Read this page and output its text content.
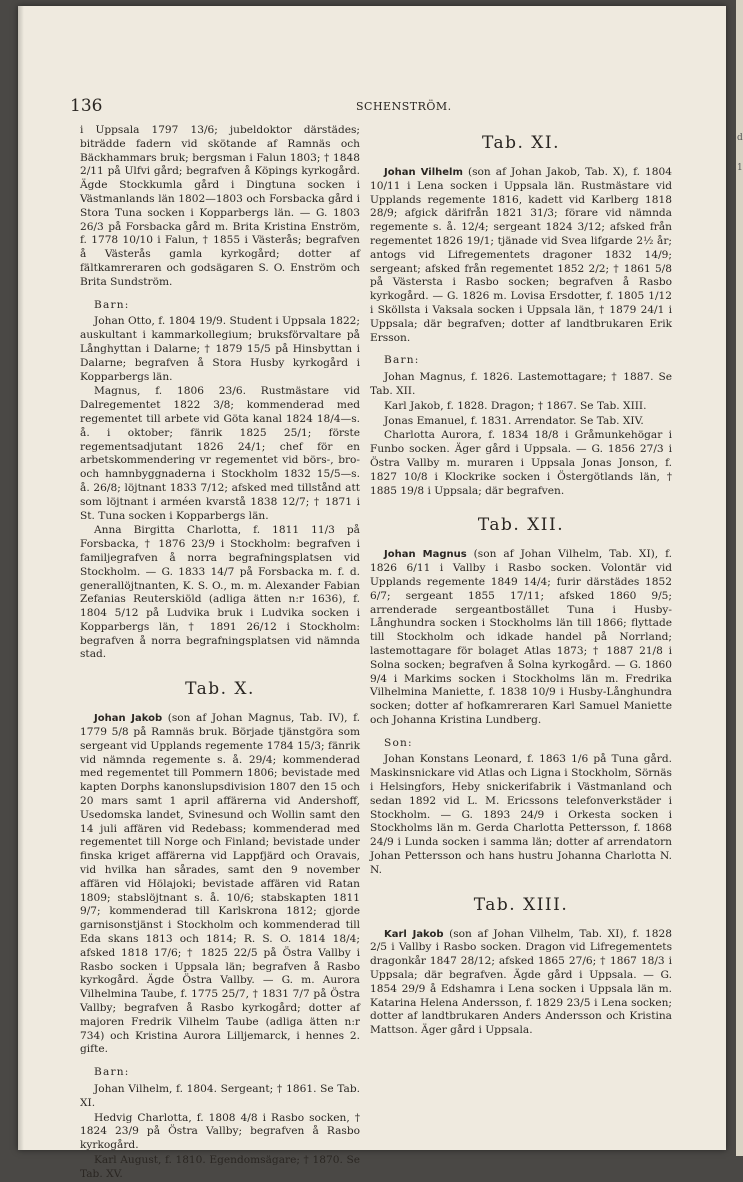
136	SCHENSTRÖM.

i Uppsala 1797 13/6; jubeldoktor därstädes; biträdde fadern vid skötande af Ramnäs och Bäckhammars bruk; bergsman i Falun 1803; † 1848 2/11 på Ulfvi gård; begrafven å Köpings kyrkogård. Ägde Stockkumla gård i Dingtuna socken i Västmanlands län 1802—1803 och Forsbacka gård i Stora Tuna socken i Kopparbergs län. — G. 1803 26/3 på Forsbacka gård m. Brita Kristina Enström, f. 1778 10/10 i Falun, † 1855 i Västerås; begrafven å Västerås gamla kyrkogård; dotter af fältkamreraren och godsägaren S. O. Enström och Brita Sundström.

Barn:

Johan Otto, f. 1804 19/9. Student i Uppsala 1822; auskultant i kammarkollegium; bruksförvaltare på Långhyttan i Dalarne; † 1879 15/5 på Hinsbyttan i Dalarne; begrafven å Stora Husby kyrkogård i Kopparbergs län.

Magnus, f. 1806 23/6. Rustmästare vid Dalregementet 1822 3/8; kommenderad med regementet till arbete vid Göta kanal 1824 18/4—s. å. i oktober; fänrik 1825 25/1; förste regementsadjutant 1826 24/1; chef för en arbetskommendering vr regementet vid börs-, bro- och hamnbyggnaderna i Stockholm 1832 15/5—s. å. 26/8; löjtnant 1833 7/12; afsked med tillstånd att som löjtnant i arméen kvarstå 1838 12/7; † 1871 i St. Tuna socken i Kopparbergs län.

Anna Birgitta Charlotta, f. 1811 11/3 på Forsbacka, † 1876 23/9 i Stockholm: begrafven i familjegrafven å norra begrafningsplatsen vid Stockholm. — G. 1833 14/7 på Forsbacka m. f. d. generallöjtnanten, K. S. O., m. m. Alexander Fabian Zefanias Reuterskiöld (adliga ätten n:r 1636), f. 1804 5/12 på Ludvika bruk i Ludvika socken i Kopparbergs län, † 1891 26/12 i Stockholm: begrafven å norra begrafningsplatsen vid nämnda stad.

Tab. X.

Johan Jakob (son af Johan Magnus, Tab. IV), f. 1779 5/8 på Ramnäs bruk. Började tjänstgöra som sergeant vid Upplands regemente 1784 15/3; fänrik vid nämnda regemente s. å. 29/4; kommenderad med regementet till Pommern 1806; bevistade med kapten Dorphs kanonslupsdivision 1807 den 15 och 20 mars samt 1 april affärerna vid Andershoff, Usedomska landet, Svinesund och Wollin samt den 14 juli affären vid Redebass; kommenderad med regementet till Norge och Finland; bevistade under finska kriget affärerna vid Lappfjärd och Oravais, vid hvilka han sårades, samt den 9 november affären vid Hölajoki; bevistade affären vid Ratan 1809; stabslöjtnant s. å. 10/6; stabskapten 1811 9/7; kommenderad till Karlskrona 1812; gjorde garnisonstjänst i Stockholm och kommenderad till Eda skans 1813 och 1814; R. S. O. 1814 18/4; afsked 1818 17/6; † 1825 22/5 på Östra Vallby i Rasbo socken i Uppsala län; begrafven å Rasbo kyrkogård. Ägde Östra Vallby. — G. m. Aurora Vilhelmina Taube, f. 1775 25/7, † 1831 7/7 på Östra Vallby; begrafven å Rasbo kyrkogård; dotter af majoren Fredrik Vilhelm Taube (adliga ätten n:r 734) och Kristina Aurora Lilljemarck, i hennes 2. gifte.

Barn:

Johan Vilhelm, f. 1804. Sergeant; † 1861. Se Tab. XI.

Hedvig Charlotta, f. 1808 4/8 i Rasbo socken, † 1824 23/9 på Östra Vallby; begrafven å Rasbo kyrkogård.

Karl August, f. 1810. Egendomsägare; † 1870. Se Tab. XV.

Tab. XI.

Johan Vilhelm (son af Johan Jakob, Tab. X), f. 1804 10/11 i Lena socken i Uppsala län. Rustmästare vid Upplands regemente 1816, kadett vid Karlberg 1818 28/9; afgick därifrån 1821 31/3; förare vid nämnda regemente s. å. 12/4; sergeant 1824 3/12; afsked från regementet 1826 19/1; tjänade vid Svea lifgarde 2½ år; antogs vid Lifregementets dragoner 1832 14/9; sergeant; afsked från regementet 1852 2/2; † 1861 5/8 på Västersta i Rasbo socken; begrafven å Rasbo kyrkogård. — G. 1826 m. Lovisa Ersdotter, f. 1805 1/12 i Sköllsta i Vaksala socken i Uppsala län, † 1879 24/1 i Uppsala; där begrafven; dotter af landtbrukaren Erik Ersson.

Barn:

Johan Magnus, f. 1826. Lastemottagare; † 1887. Se Tab. XII.

Karl Jakob, f. 1828. Dragon; † 1867. Se Tab. XIII.

Jonas Emanuel, f. 1831. Arrendator. Se Tab. XIV.

Charlotta Aurora, f. 1834 18/8 i Gråmunkehögar i Funbo socken. Äger gård i Uppsala. — G. 1856 27/3 i Östra Vallby m. muraren i Uppsala Jonas Jonson, f. 1827 10/8 i Klockrike socken i Östergötlands län, † 1885 19/8 i Uppsala; där begrafven.

Tab. XII.

Johan Magnus (son af Johan Vilhelm, Tab. XI), f. 1826 6/11 i Vallby i Rasbo socken. Volontär vid Upplands regemente 1849 14/4; furir därstädes 1852 6/7; sergeant 1855 17/11; afsked 1860 9/5; arrenderade sergeantbostället Tuna i Husby-Långhundra socken i Stockholms län till 1866; flyttade till Stockholm och idkade handel på Norrland; lastemottagare för bolaget Atlas 1873; † 1887 21/8 i Solna socken; begrafven å Solna kyrkogård. — G. 1860 9/4 i Markims socken i Stockholms län m. Fredrika Vilhelmina Maniette, f. 1838 10/9 i Husby-Långhundra socken; dotter af hofkamreraren Karl Samuel Maniette och Johanna Kristina Lundberg.

Son:

Johan Konstans Leonard, f. 1863 1/6 på Tuna gård. Maskinsnickare vid Atlas och Ligna i Stockholm, Sörnäs i Helsingfors, Heby snickerifabrik i Västmanland och sedan 1892 vid L. M. Ericssons telefonverkstäder i Stockholm. — G. 1893 24/9 i Orkesta socken i Stockholms län m. Gerda Charlotta Pettersson, f. 1868 24/9 i Lunda socken i samma län; dotter af arrendatorn Johan Pettersson och hans hustru Johanna Charlotta N. N.

Tab. XIII.

Karl Jakob (son af Johan Vilhelm, Tab. XI), f. 1828 2/5 i Vallby i Rasbo socken. Dragon vid Lifregementets dragonkår 1847 28/12; afsked 1865 27/6; † 1867 18/3 i Uppsala; där begrafven. Ägde gård i Uppsala. — G. 1854 29/9 å Edshamra i Lena socken i Uppsala län m. Katarina Helena Andersson, f. 1829 23/5 i Lena socken; dotter af landtbrukaren Anders Andersson och Kristina Mattson. Äger gård i Uppsala.

d
1
